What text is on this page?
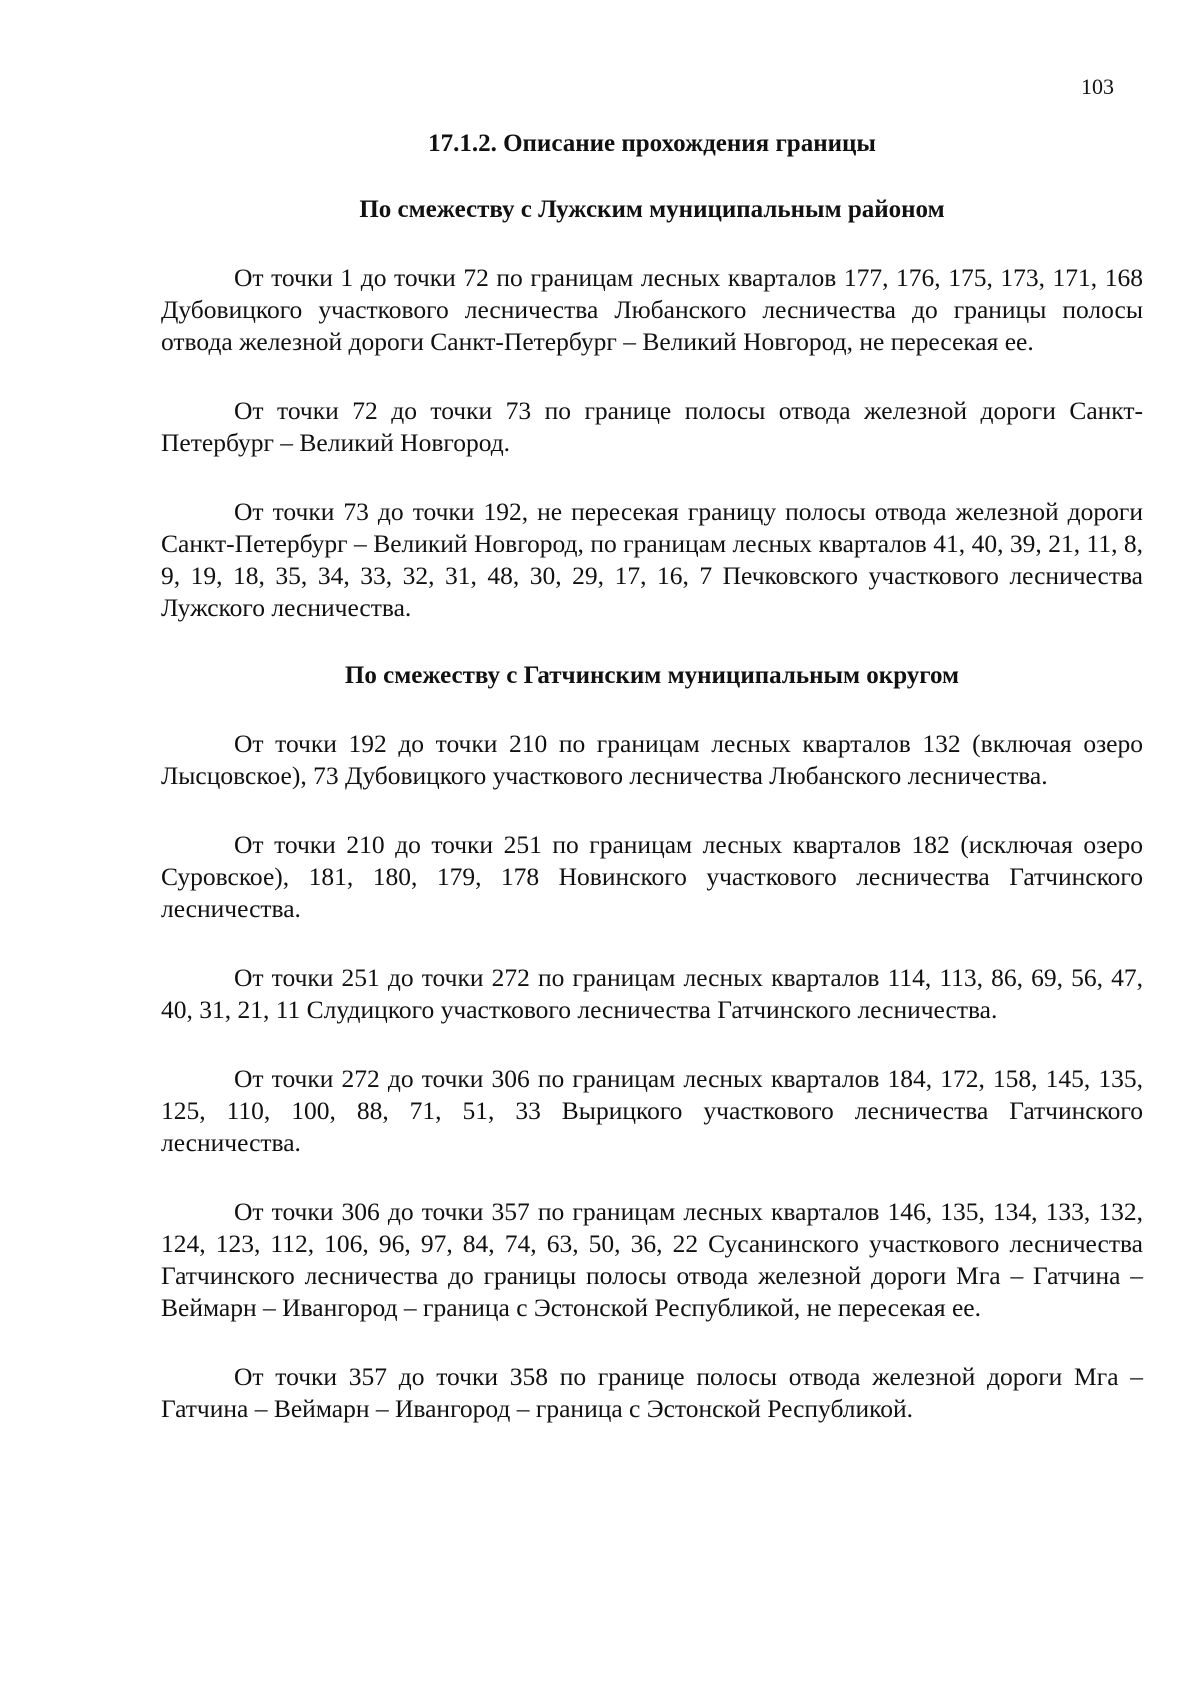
103
17.1.2. Описание прохождения границы
По смежеству с Лужским муниципальным районом

От точки 1 до точки 72 по границам лесных кварталов 177, 176, 175, 173, 171, 168 Дубовицкого участкового лесничества Любанского лесничества до границы полосы отвода железной дороги Санкт-Петербург – Великий Новгород, не пересекая ее.

От точки 72 до точки 73 по границе полосы отвода железной дороги Санкт-Петербург – Великий Новгород.

От точки 73 до точки 192, не пересекая границу полосы отвода железной дороги Санкт-Петербург – Великий Новгород, по границам лесных кварталов 41, 40, 39, 21, 11, 8, 9, 19, 18, 35, 34, 33, 32, 31, 48, 30, 29, 17, 16, 7 Печковского участкового лесничества Лужского лесничества.

По смежеству с Гатчинским муниципальным округом

От точки 192 до точки 210 по границам лесных кварталов 132 (включая озеро Лысцовское), 73 Дубовицкого участкового лесничества Любанского лесничества.

От точки 210 до точки 251 по границам лесных кварталов 182 (исключая озеро Суровское), 181, 180, 179, 178 Новинского участкового лесничества Гатчинского лесничества.

От точки 251 до точки 272 по границам лесных кварталов 114, 113, 86, 69, 56, 47, 40, 31, 21, 11 Слудицкого участкового лесничества Гатчинского лесничества.

От точки 272 до точки 306 по границам лесных кварталов 184, 172, 158, 145, 135, 125, 110, 100, 88, 71, 51, 33 Вырицкого участкового лесничества Гатчинского лесничества.

От точки 306 до точки 357 по границам лесных кварталов 146, 135, 134, 133, 132, 124, 123, 112, 106, 96, 97, 84, 74, 63, 50, 36, 22 Сусанинского участкового лесничества Гатчинского лесничества до границы полосы отвода железной дороги Мга – Гатчина – Веймарн – Ивангород – граница с Эстонской Республикой, не пересекая ее.

От точки 357 до точки 358 по границе полосы отвода железной дороги Мга – Гатчина – Веймарн – Ивангород – граница с Эстонской Республикой.
